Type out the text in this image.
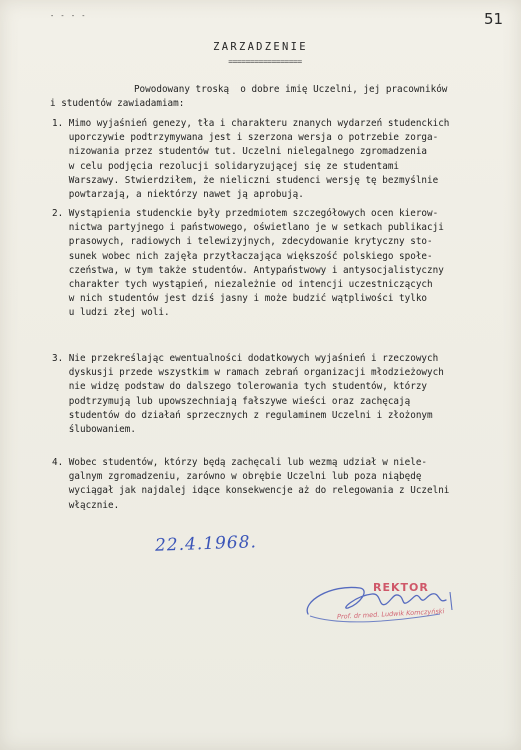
- - - -	51
ZARZADZENIE
=================
Powodowany troską  o dobre imię Uczelni, jej pracowników
i studentów zawiadamiam:
1. Mimo wyjaśnień genezy, tła i charakteru znanych wydarzeń studenckich
uporczywie podtrzymywana jest i szerzona wersja o potrzebie zorga-
nizowania przez studentów tut. Uczelni nielegalnego zgromadzenia
w celu podjęcia rezolucji solidaryzującej się ze studentami
Warszawy. Stwierdziłem, że nieliczni studenci wersję tę bezmyślnie
powtarzają, a niektórzy nawet ją aprobują.
2. Wystąpienia studenckie były przedmiotem szczegółowych ocen kierow-
nictwa partyjnego i państwowego, oświetlano je w setkach publikacji
prasowych, radiowych i telewizyjnych, zdecydowanie krytyczny sto-
sunek wobec nich zajęła przytłaczająca większość polskiego społe-
czeństwa, w tym także studentów. Antypaństwowy i antysocjalistyczny
charakter tych wystąpień, niezależnie od intencji uczestniczących
w nich studentów jest dziś jasny i może budzić wątpliwości tylko
u ludzi złej woli.
3. Nie przekreślając ewentualności dodatkowych wyjaśnień i rzeczowych
dyskusji przede wszystkim w ramach zebrań organizacji młodzieżowych
nie widzę podstaw do dalszego tolerowania tych studentów, którzy
podtrzymują lub upowszechniają fałszywe wieści oraz zachęcają
studentów do działań sprzecznych z regulaminem Uczelni i złożonym
ślubowaniem.
4. Wobec studentów, którzy będą zachęcali lub wezmą udział w niele-
galnym zgromadzeniu, zarówno w obrębie Uczelni lub poza niąbędę
wyciągał jak najdalej idące konsekwencje aż do relegowania z Uczelni
włącznie.
22.4.1968.
REKTOR
Prof. dr med. Ludwik Komczyński
